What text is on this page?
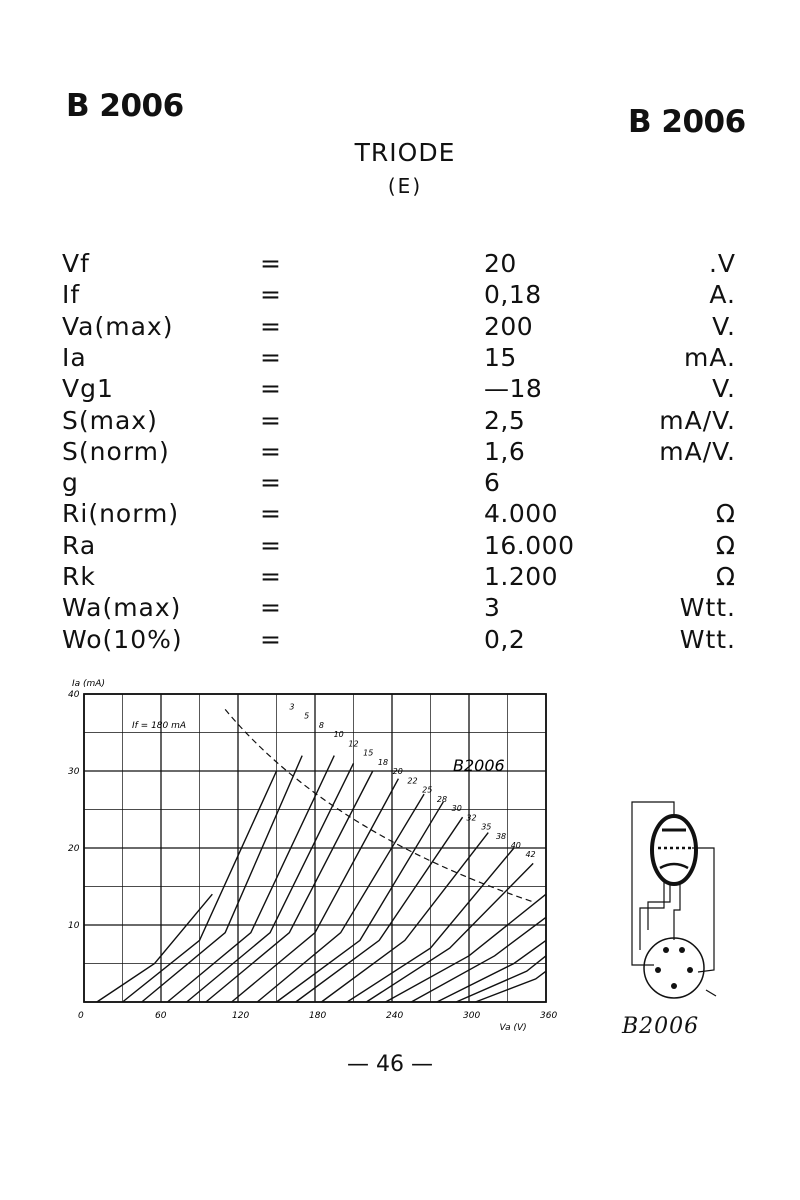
B 2006	B 2006
TRIODE
(E)
Vf	=	20	.V
If	=	0,18	A.
Va(max)	=	200	V.
Ia	=	15	mA.
Vg1	=	—18	V.
S(max)	=	2,5	mA/V.
S(norm)	=	1,6	mA/V.
g	=	6
Ri(norm)	=	4.000	Ω
Ra	=	16.000	Ω
Rk	=	1.200	Ω
Wa(max)	=	3	Wtt.
Wo(10%)	=	0,2	Wtt.
40
30
20
10
0	60	120	180	240	300	360
Ia (mA)
Va (V)
If = 180 mA
B2006
3
5
8
10
12
15
18
20
22
25
28
30
32
35
38
40
42
B2006
— 46 —
